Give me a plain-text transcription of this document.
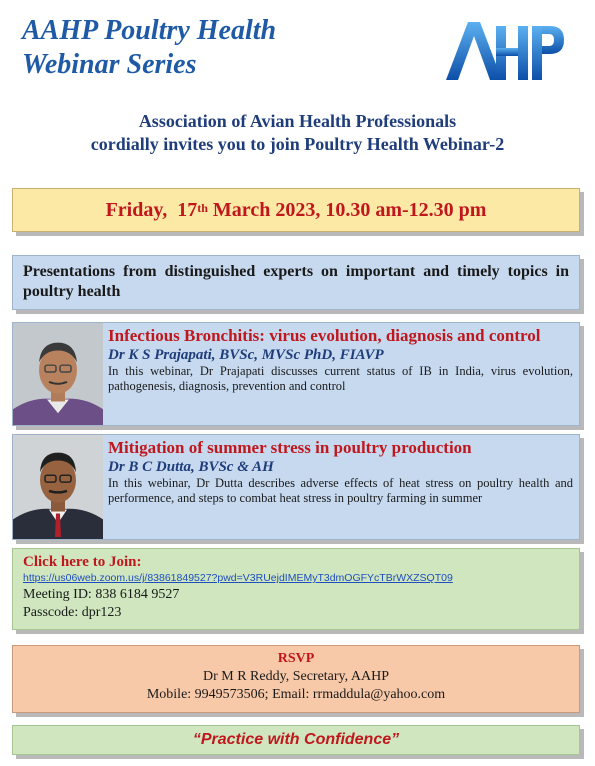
AAHP Poultry Health
Webinar Series
Association of Avian Health Professionals
cordially invites you to join Poultry Health Webinar-2
Friday,
17th
March 2023, 10.30 am-12.30 pm
Presentations from distinguished experts on important and timely topics in poultry health
Infectious Bronchitis: virus evolution, diagnosis and control
Dr K S Prajapati, BVSc, MVSc PhD, FIAVP
In this webinar, Dr Prajapati discusses current status of IB in India, virus evolution, pathogenesis, diagnosis, prevention and control
Mitigation of summer stress in poultry production
Dr B C Dutta, BVSc & AH
In this webinar, Dr Dutta describes adverse effects of heat stress on poultry health and performence, and steps to combat heat stress in poultry farming in summer
Click here to Join:
https://us06web.zoom.us/j/83861849527?pwd=V3RUejdIMEMyT3dmOGFYcTBrWXZSQT09
Meeting ID: 838 6184 9527
Passcode: dpr123
RSVP
Dr M R Reddy, Secretary, AAHP
Mobile: 9949573506; Email: rrmaddula@yahoo.com
“Practice with Confidence”
